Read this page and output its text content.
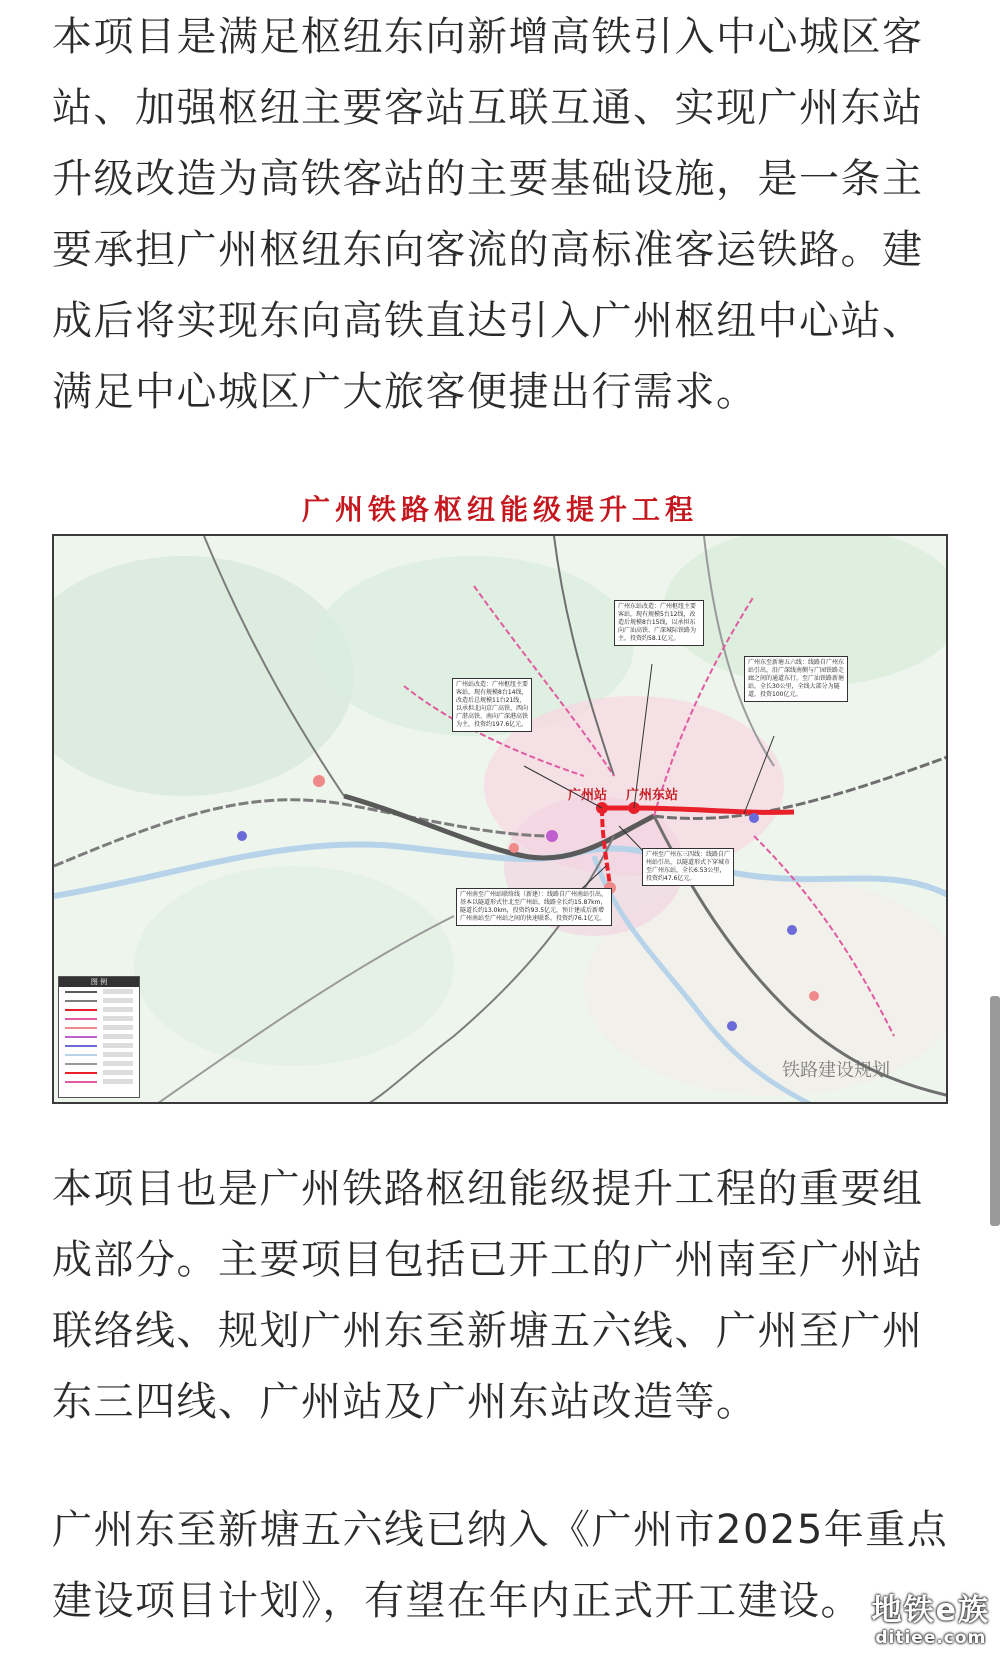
本项目是满足枢纽东向新增高铁引入中心城区客
站、加强枢纽主要客站互联互通、实现广州东站
升级改造为高铁客站的主要基础设施，是一条主
要承担广州枢纽东向客流的高标准客运铁路。建
成后将实现东向高铁直达引入广州枢纽中心站、
满足中心城区广大旅客便捷出行需求。
广州铁路枢纽能级提升工程
广州站 广州东站
广州东站改造：广州枢纽主要客站，现有规模5台12线，改造后规模8台15线，以承担东向广汕高铁、广深城际铁路为主，投资约58.1亿元。
广州站改造：广州枢纽主要客站，现有规模8台14线，改造后总规模11台21线，以承担北向京广高铁、西向广湛高铁、南向广深港高铁为主，投资约197.6亿元。
广州东至新塘五六线：线路自广州东站引出，沿广深线南侧与广园铁路走廊之间的通道东行，至广汕铁路新塘站，全长30公里，全线大部分为隧道，投资100亿元。
广州至广州东三四线：线路自广州站引出，以隧道形式下穿城市至广州东站，全长6.53公里，投资约47.6亿元。
广州南至广州站联络线（新建）：线路自广州南站引出，基本以隧道形式往北至广州站，线路全长约15.87km，隧道长约13.0km，投资约93.5亿元，预计建成后新增广州南站至广州站之间的快速联系，投资约76.1亿元。
图 例
铁路建设规划
本项目也是广州铁路枢纽能级提升工程的重要组
成部分。主要项目包括已开工的广州南至广州站
联络线、规划广州东至新塘五六线、广州至广州
东三四线、广州站及广州东站改造等。
广州东至新塘五六线已纳入《广州市2025年重点
建设项目计划》，有望在年内正式开工建设。 地铁e族
ditiee.com
